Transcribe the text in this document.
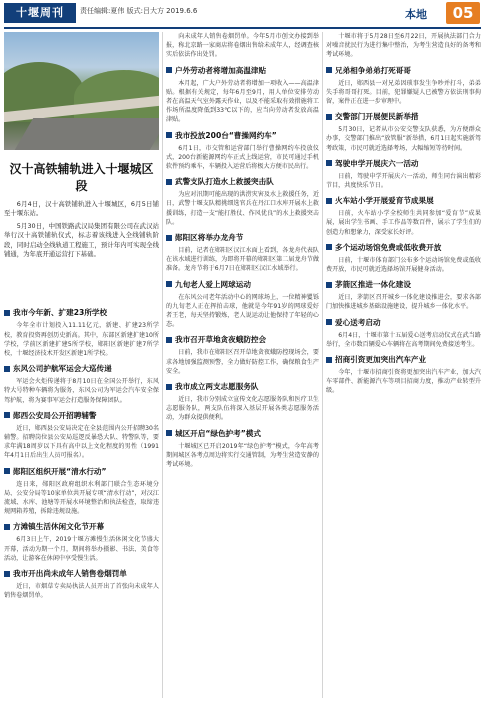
十堰周刊	责任编辑:夏伟 版式:吕大方 2019.6.6	本地	05
汉十高铁辅轨进入十堰城区段

6月4日，汉十高铁铺轨进入十堰城区，6月5日铺至十堰东站。

5月30日，中国铁路武汉局集团有限公司在武汉站举行汉十高铁铺轨仪式，标志着该线进入全线铺轨阶段，同时启动全线轨道工程施工，预计年内可实现全线铺通，为年底开通运营打下基础。

我市今年新、扩建23所学校

今年全市计划投入11.11亿元，新建、扩建23所学校，教育投资再创历史新高。其中，东部区新建扩建10所学校，学前区新建扩建5所学校，郧阳区新建扩建7所学校，十堰经济技术开发区新建1所学校。

东风公司护航军运会大巡传递

军运会火炬传递将于8月10日在全国公开举行，东风特大号特种车辆将为服务，东风公司为军运会汽车安全保驾护航，将为赛事军运会打造服务保障团队。

郧西公安局公开招聘辅警

近日，郧西县公安局决定在全县范围内公开招聘30名辅警。招聘岗位县公安局巡逻反暴恐大队、特警队等，要求年满18周岁以下具有高中以上文化程度的男性（1991年4月1日后出生人员可报名）。

郧阳区组织开展“清水行动”

连日来，郧阳区政府组织水利部门联合生态环境分局、公安分局等10家单位共开展专项“清水行动”，对汉江流域、水库、池塘等开展水环境整治和执法检查，取缔违规网箱养殖，拆除违规设施。

方滩镇生活休闲文化节开幕

6月3日上午，2019十堰方滩慢生活休闲文化节盛大开幕，活动为期一个月，期间将举办摄影、书法、美食等活动，让游客在休闲中享受慢生活。

我市开出尚未成年人销售卷烟罚单

近日，市烟草专卖局执法人员开出了首张向未成年人销售卷烟罚单。

向未成年人销售卷烟罚单。今年5月市创文办接到举报，称北京路一家商店将卷烟出售给未成年人，经调查核实后依法作出处罚。

户外劳动者将增加高温津贴

本月起，广大户外劳动者将增加一项收入——高温津贴。根据有关规定，每年6月至9月，用人单位安排劳动者在高温天气室外露天作业，以及不能采取有效措施将工作场所温度降低到33℃以下的，应当向劳动者发放高温津贴。

我市投放200台“曹操网约车”

6月1日，市交管和运营部门举行曹操网约车投放仪式，200台新能源网约车正式上线运营，市民可通过手机软件预约乘车，车辆投入运营后将极大方便市民出行。

武警支队打造水上救援突击队

为应对汛期可能出现的洪涝灾害及水上救援任务，近日，武警十堰支队精挑细选官兵在丹江口水库开展水上救援训练，打造一支“能打胜仗、作风优良”的水上救援突击队。

郧阳区将举办龙舟节

目前，记者在郧阳区汉江水面上看到，各龙舟代表队在该水域进行训练，为即将开幕的郧阳区第二届龙舟节做准备。龙舟节将于6月7日在郧阳区汉江水域举行。

九旬老人爱上网球运动

在东风公司老年活动中心的网球场上，一位精神矍铄的九旬老人正在挥拍击球，他就是今年91岁的网球爱好者王老，每天坚持锻炼，老人说运动让他保持了年轻的心态。

我市召开草地贪夜蛾防控会

日前，我市在郧阳区召开草地贪夜蛾防控现场会，要求各地加强监测预警，全力做好防控工作，确保粮食生产安全。

我市成立两支志愿服务队

近日，我市分别成立宣传文化志愿服务队和医疗卫生志愿服务队，两支队伍将深入基层开展各类志愿服务活动，为群众提供便利。

城区开启“绿色护考”模式

十堰城区已开启2019年“绿色护考”模式，今年高考期间城区各考点周边将实行交通管制，为考生营造安静的考试环境。

十堰市将于5月28日至6月22日，开展执法部门合力对噪音扰民行为进行集中整治，为考生营造良好的备考和考试环境。

兄弟相争弟弟打死哥哥

近日，郧西县一对兄弟因琐事发生争吵并打斗，弟弟失手将哥哥打死。目前，犯罪嫌疑人已被警方依法刑事拘留，案件正在进一步审理中。

交警部门开展便民新举措

5月30日，记者从市公安交警支队获悉，为方便群众办事，交警部门推出“放管服”新举措，6月1日起实施新驾考政策，市民可就近选择考场，大幅缩短等待时间。

驾驶申学开展庆六一活动

日前，驾驶申学开展庆六一活动，师生同台演出精彩节目，共度快乐节日。

火车站小学开展爱育节成果展

日前，火车站小学全校师生共同参加“爱育节”成果展，展出学生书画、手工作品等数百件，展示了学生们的创造力和想象力，深受家长好评。

多个运动场馆免费或低收费开放

日前，十堰市体育部门公布多个运动场馆免费或低收费开放，市民可就近选择场馆开展健身活动。

茅箭区推进一体化建设

近日，茅箭区召开城乡一体化建设推进会，要求各部门加快推进城乡基础设施建设，提升城乡一体化水平。

爱心送考启动

6月4日，十堰市第十五届爱心送考启动仪式在武当路举行，全市数百辆爱心车辆将在高考期间免费接送考生。

招商引资更加突出汽车产业

今年，十堰市招商引资将更加突出汽车产业，加大汽车零部件、新能源汽车等项目招商力度，推动产业转型升级。
